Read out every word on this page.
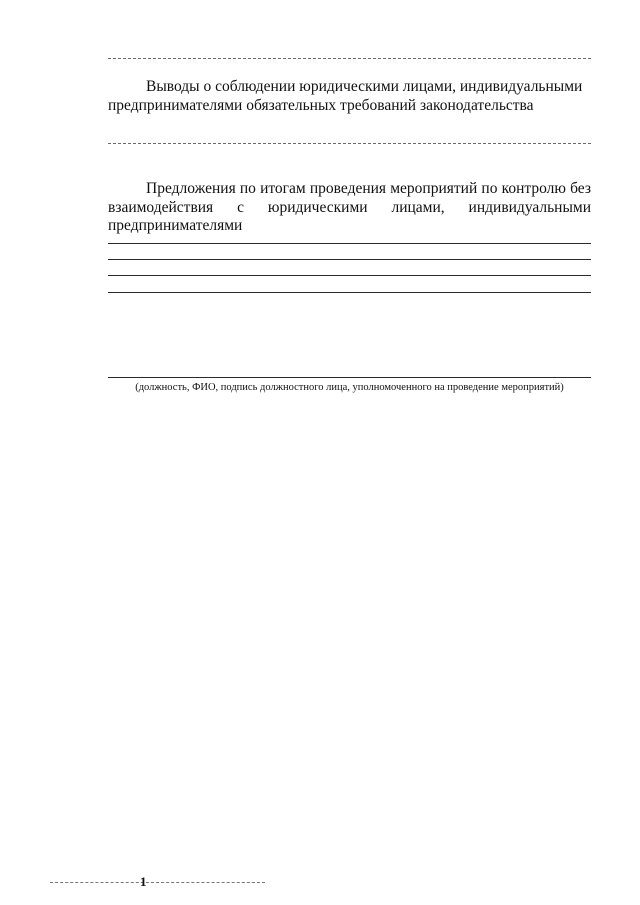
Выводы о соблюдении юридическими лицами, индивидуальными предпринимателями обязательных требований законодательства

Предложения по итогам проведения мероприятий по контролю без взаимодействия с юридическими лицами, индивидуальными предпринимателями

(должность, ФИО, подпись должностного лица, уполномоченного на проведение мероприятий)
1
